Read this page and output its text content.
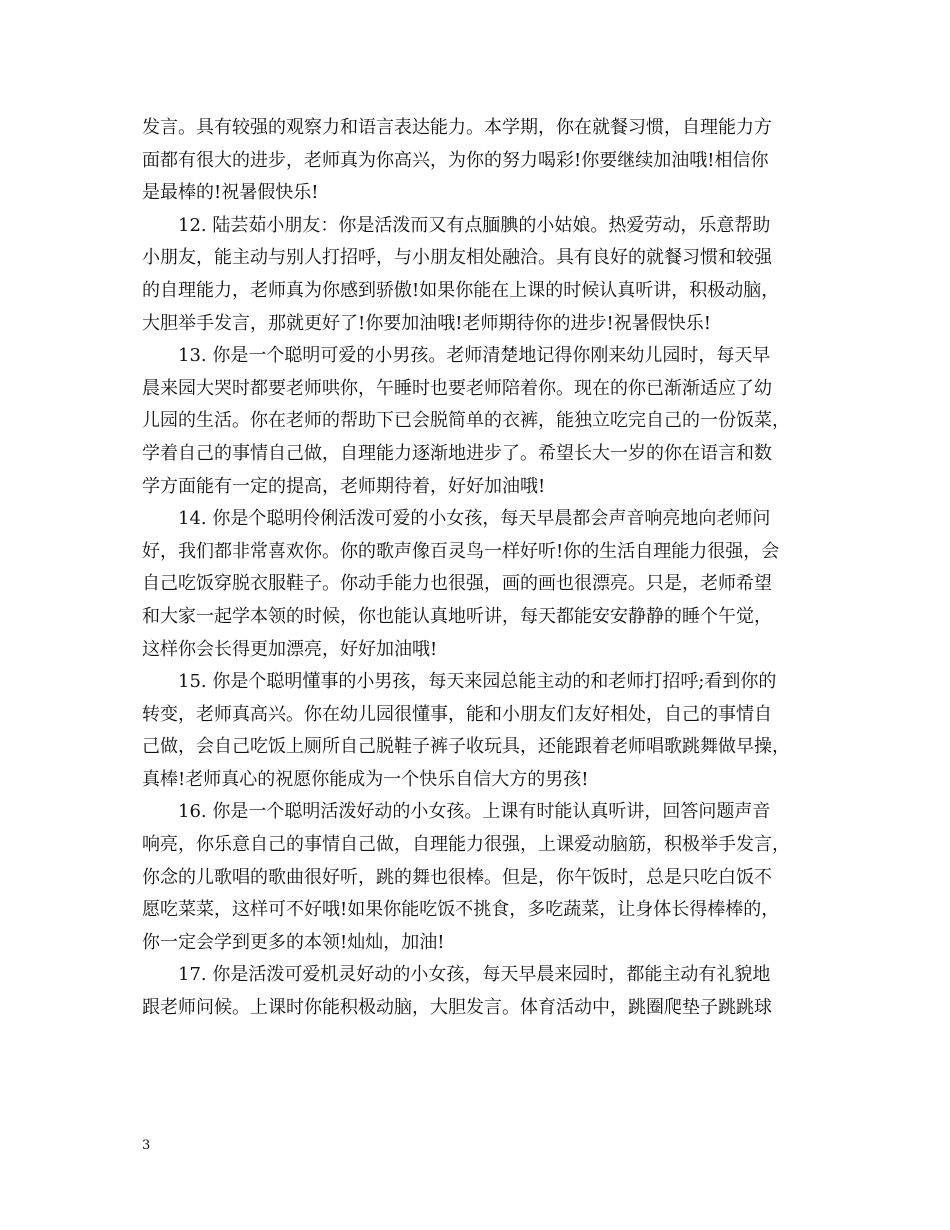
发言。具有较强的观察力和语言表达能力。本学期，你在就餐习惯，自理能力方
面都有很大的进步，老师真为你高兴，为你的努力喝彩!你要继续加油哦!相信你
是最棒的!祝暑假快乐!
12. 陆芸茹小朋友：你是活泼而又有点腼腆的小姑娘。热爱劳动，乐意帮助
小朋友，能主动与别人打招呼，与小朋友相处融洽。具有良好的就餐习惯和较强
的自理能力，老师真为你感到骄傲!如果你能在上课的时候认真听讲，积极动脑，
大胆举手发言，那就更好了!你要加油哦!老师期待你的进步!祝暑假快乐!
13. 你是一个聪明可爱的小男孩。老师清楚地记得你刚来幼儿园时，每天早
晨来园大哭时都要老师哄你，午睡时也要老师陪着你。现在的你已渐渐适应了幼
儿园的生活。你在老师的帮助下已会脱简单的衣裤，能独立吃完自己的一份饭菜，
学着自己的事情自己做，自理能力逐渐地进步了。希望长大一岁的你在语言和数
学方面能有一定的提高，老师期待着，好好加油哦!
14. 你是个聪明伶俐活泼可爱的小女孩，每天早晨都会声音响亮地向老师问
好，我们都非常喜欢你。你的歌声像百灵鸟一样好听!你的生活自理能力很强，会
自己吃饭穿脱衣服鞋子。你动手能力也很强，画的画也很漂亮。只是，老师希望
和大家一起学本领的时候，你也能认真地听讲，每天都能安安静静的睡个午觉，
这样你会长得更加漂亮，好好加油哦!
15. 你是个聪明懂事的小男孩，每天来园总能主动的和老师打招呼;看到你的
转变，老师真高兴。你在幼儿园很懂事，能和小朋友们友好相处，自己的事情自
己做，会自己吃饭上厕所自己脱鞋子裤子收玩具，还能跟着老师唱歌跳舞做早操，
真棒!老师真心的祝愿你能成为一个快乐自信大方的男孩!
16. 你是一个聪明活泼好动的小女孩。上课有时能认真听讲，回答问题声音
响亮，你乐意自己的事情自己做，自理能力很强，上课爱动脑筋，积极举手发言，
你念的儿歌唱的歌曲很好听，跳的舞也很棒。但是，你午饭时，总是只吃白饭不
愿吃菜菜，这样可不好哦!如果你能吃饭不挑食，多吃蔬菜，让身体长得棒棒的，
你一定会学到更多的本领!灿灿，加油!
17. 你是活泼可爱机灵好动的小女孩，每天早晨来园时，都能主动有礼貌地
跟老师问候。上课时你能积极动脑，大胆发言。体育活动中，跳圈爬垫子跳跳球
3
